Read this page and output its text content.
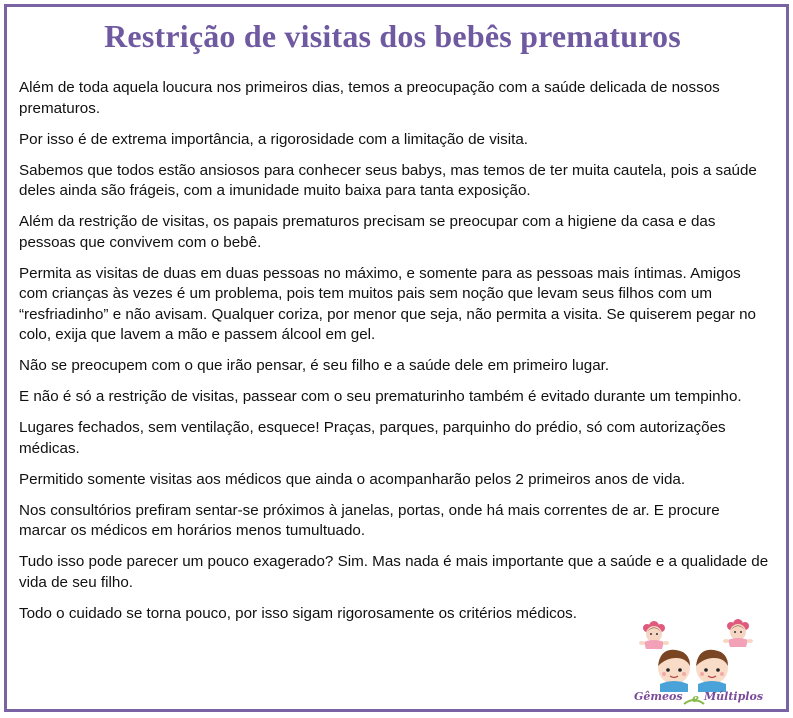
Restrição de visitas dos bebês prematuros

Além de toda aquela loucura nos primeiros dias, temos a preocupação com a saúde delicada de nossos prematuros.

Por isso é de extrema importância, a rigorosidade com a limitação de visita.

Sabemos que todos estão ansiosos para conhecer seus babys, mas temos de ter muita cautela, pois a saúde deles ainda são frágeis, com a imunidade muito baixa para tanta exposição.

Além da restrição de visitas, os papais prematuros precisam se preocupar com a higiene da casa e das pessoas que convivem com o bebê.

Permita as visitas de duas em duas pessoas no máximo, e somente para as pessoas mais íntimas. Amigos com crianças às vezes é um problema, pois tem muitos pais sem noção que levam seus filhos com um “resfriadinho” e não avisam. Qualquer coriza, por menor que seja, não permita a visita. Se quiserem pegar no colo, exija que lavem a mão e passem álcool em gel.

Não se preocupem com o que irão pensar, é seu filho e a saúde dele em primeiro lugar.

E não é só a restrição de visitas, passear com o seu prematurinho também é evitado durante um tempinho.

Lugares fechados, sem ventilação, esquece! Praças, parques, parquinho do prédio, só com autorizações médicas.

Permitido somente visitas aos médicos que ainda o acompanharão pelos 2 primeiros anos de vida.

Nos consultórios prefiram sentar-se próximos à janelas, portas, onde há mais correntes de ar. E procure marcar os médicos em horários menos tumultuado.

Tudo isso pode parecer um pouco exagerado? Sim. Mas nada é mais importante que a saúde e a qualidade de vida de seu filho.

Todo o cuidado se torna pouco, por isso sigam rigorosamente os critérios médicos.

Gêmeos e Múltiplos
